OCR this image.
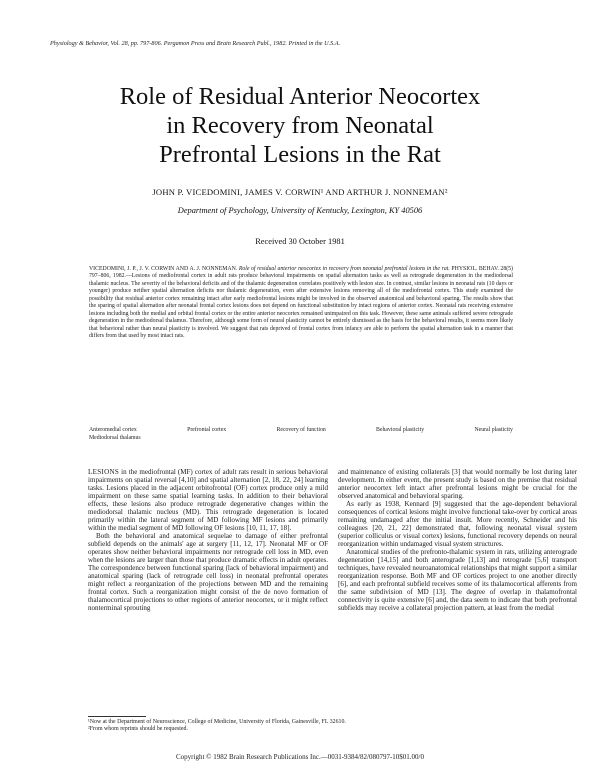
Physiology & Behavior, Vol. 28, pp. 797-806. Pergamon Press and Brain Research Publ., 1982. Printed in the U.S.A.
Role of Residual Anterior Neocortex
in Recovery from Neonatal
Prefrontal Lesions in the Rat
JOHN P. VICEDOMINI, JAMES V. CORWIN¹ AND ARTHUR J. NONNEMAN²
Department of Psychology, University of Kentucky, Lexington, KY 40506
Received 30 October 1981
VICEDOMINI, J. P., J. V. CORWIN AND A. J. NONNEMAN. Role of residual anterior neocortex in recovery from neonatal prefrontal lesions in the rat. PHYSIOL. BEHAV. 28(5) 797–806, 1982.—Lesions of mediofrontal cortex in adult rats produce behavioral impairments on spatial alternation tasks as well as retrograde degeneration in the mediodorsal thalamic nucleus. The severity of the behavioral deficits and of the thalamic degeneration correlates positively with lesion size. In contrast, similar lesions in neonatal rats (10 days or younger) produce neither spatial alternation deficits nor thalamic degeneration, even after extensive lesions removing all of the mediofrontal cortex. This study examined the possibility that residual anterior cortex remaining intact after early mediofrontal lesions might be involved in the observed anatomical and behavioral sparing. The results show that the sparing of spatial alternation after neonatal frontal cortex lesions does not depend on functional substitution by intact regions of anterior cortex. Neonatal rats receiving extensive lesions including both the medial and orbital frontal cortex or the entire anterior neocortex remained unimpaired on this task. However, these same animals suffered severe retrograde degeneration in the mediodorsal thalamus. Therefore, although some form of neural plasticity cannot be entirely dismissed as the basis for the behavioral results, it seems more likely that behavioral rather than neural plasticity is involved. We suggest that rats deprived of frontal cortex from infancy are able to perform the spatial alternation task in a manner that differs from that used by most intact rats.
Anteromedial cortex	Prefrontal cortex	Recovery of function	Behavioral plasticity	Neural plasticity
Mediodorsal thalamus

LESIONS in the mediofrontal (MF) cortex of adult rats result in serious behavioral impairments on spatial reversal [4,10] and spatial alternation [2, 18, 22, 24] learning tasks. Lesions placed in the adjacent orbitofrontal (OF) cortex produce only a mild impairment on these same spatial learning tasks. In addition to their behavioral effects, these lesions also produce retrograde degenerative changes within the mediodorsal thalamic nucleus (MD). This retrograde degeneration is located primarily within the lateral segment of MD following MF lesions and primarily within the medial segment of MD following OF lesions [10, 11, 17, 18].

Both the behavioral and anatomical sequelae to damage of either prefrontal subfield depends on the animals' age at surgery [11, 12, 17]. Neonatal MF or OF operates show neither behavioral impairments nor retrograde cell loss in MD, even when the lesions are larger than those that produce dramatic effects in adult operates. The correspondence between functional sparing (lack of behavioral impairment) and anatomical sparing (lack of retrograde cell loss) in neonatal prefrontal operates might reflect a reorganization of the projections between MD and the remaining frontal cortex. Such a reorganization might consist of the de novo formation of thalamocortical projections to other regions of anterior neocortex, or it might reflect nonterminal sprouting

and maintenance of existing collaterals [3] that would normally be lost during later development. In either event, the present study is based on the premise that residual anterior neocortex left intact after prefrontal lesions might be crucial for the observed anatomical and behavioral sparing.

As early as 1938, Kennard [9] suggested that the age-dependent behavioral consequences of cortical lesions might involve functional take-over by cortical areas remaining undamaged after the initial insult. More recently, Schneider and his colleagues [20, 21, 22] demonstrated that, following neonatal visual system (superior colliculus or visual cortex) lesions, functional recovery depends on neural reorganization within undamaged visual system structures.

Anatomical studies of the prefronto-thalamic system in rats, utilizing anterograde degeneration [14,15] and both anterograde [1,13] and retrograde [5,6] transport techniques, have revealed neuroanatomical relationships that might support a similar reorganization response. Both MF and OF cortices project to one another directly [6], and each prefrontal subfield receives some of its thalamocortical afferents from the same subdivision of MD [13]. The degree of overlap in thalamofrontal connectivity is quite extensive [6] and, the data seem to indicate that both prefrontal subfields may receive a collateral projection pattern, at least from the medial

¹Now at the Department of Neuroscience, College of Medicine, University of Florida, Gainesville, FL 32610.
²From whom reprints should be requested.
Copyright © 1982 Brain Research Publications Inc.—0031-9384/82/080797-10$01.00/0
